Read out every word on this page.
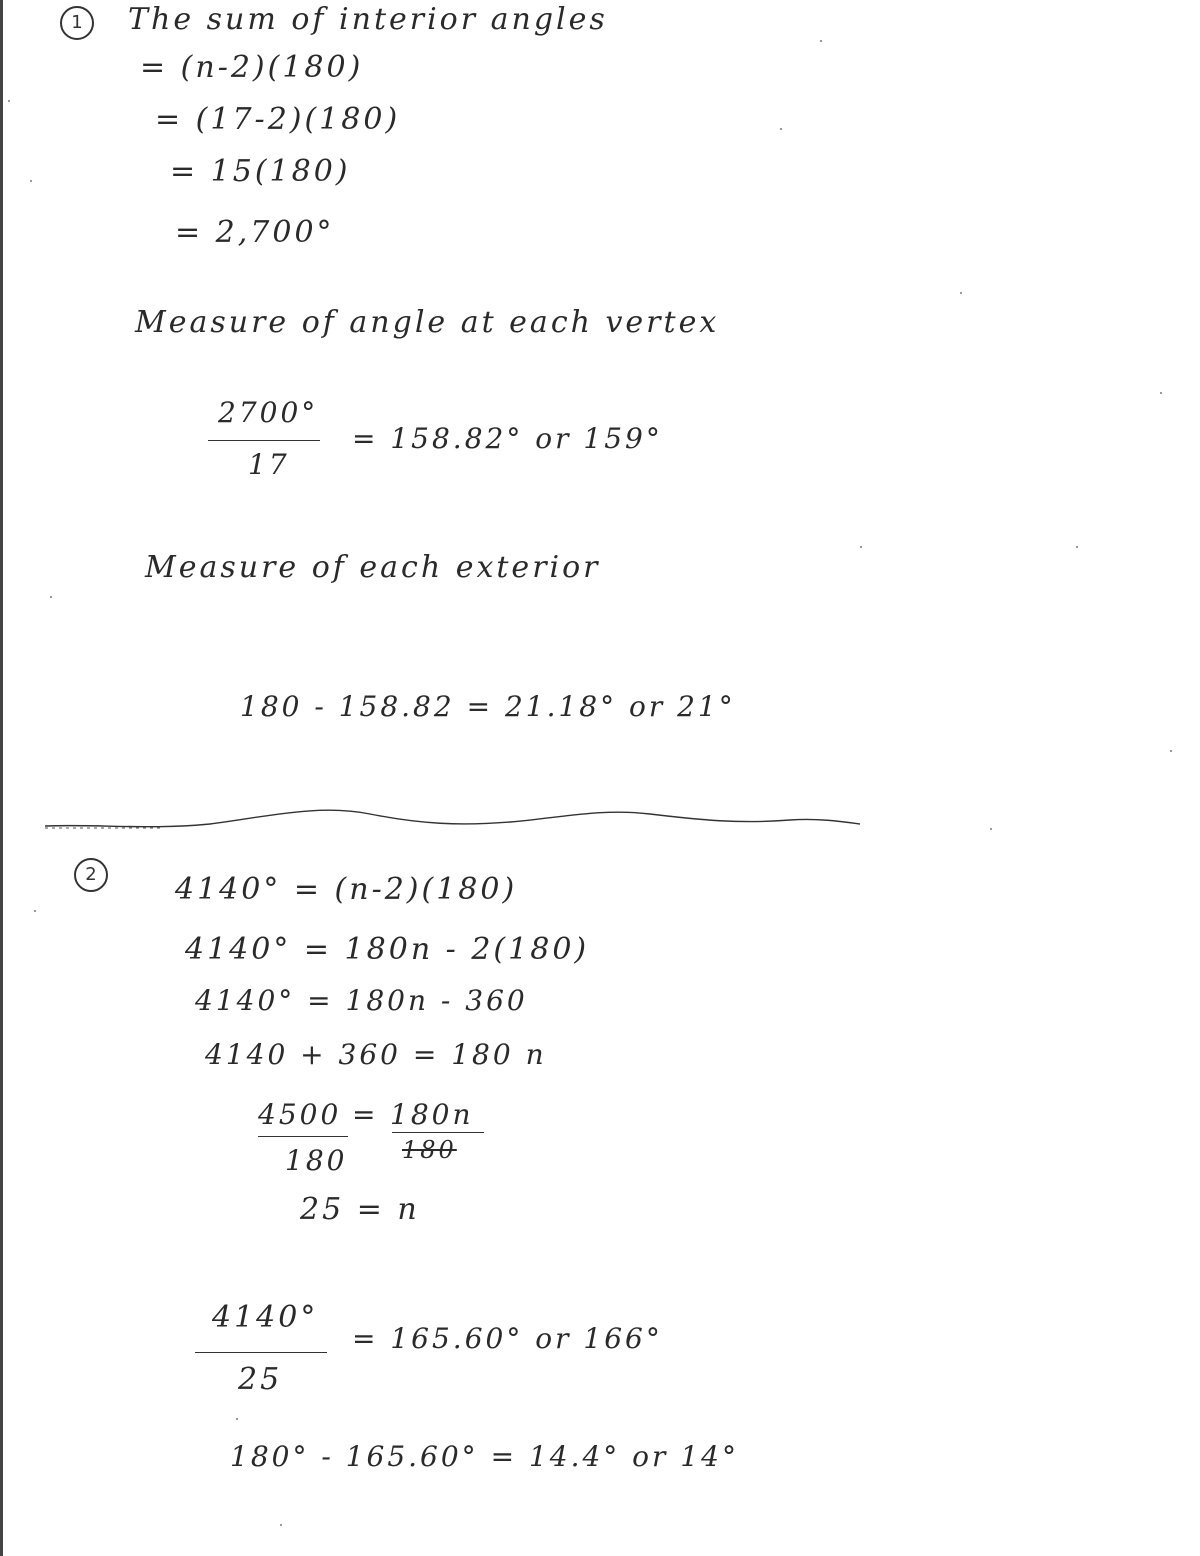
1	The sum of interior angles
= (n-2)(180)
= (17-2)(180)
= 15(180)
= 2,700°
Measure of angle at each vertex
2700°
17
= 158.82° or 159°
Measure of each exterior
180 - 158.82 = 21.18° or 21°
2	4140° = (n-2)(180)
4140° = 180n - 2(180)
4140° = 180n - 360
4140 + 360 = 180 n
4500 = 180n
180 180
25 = n
4140°
25
= 165.60° or 166°
180° - 165.60° = 14.4° or 14°
